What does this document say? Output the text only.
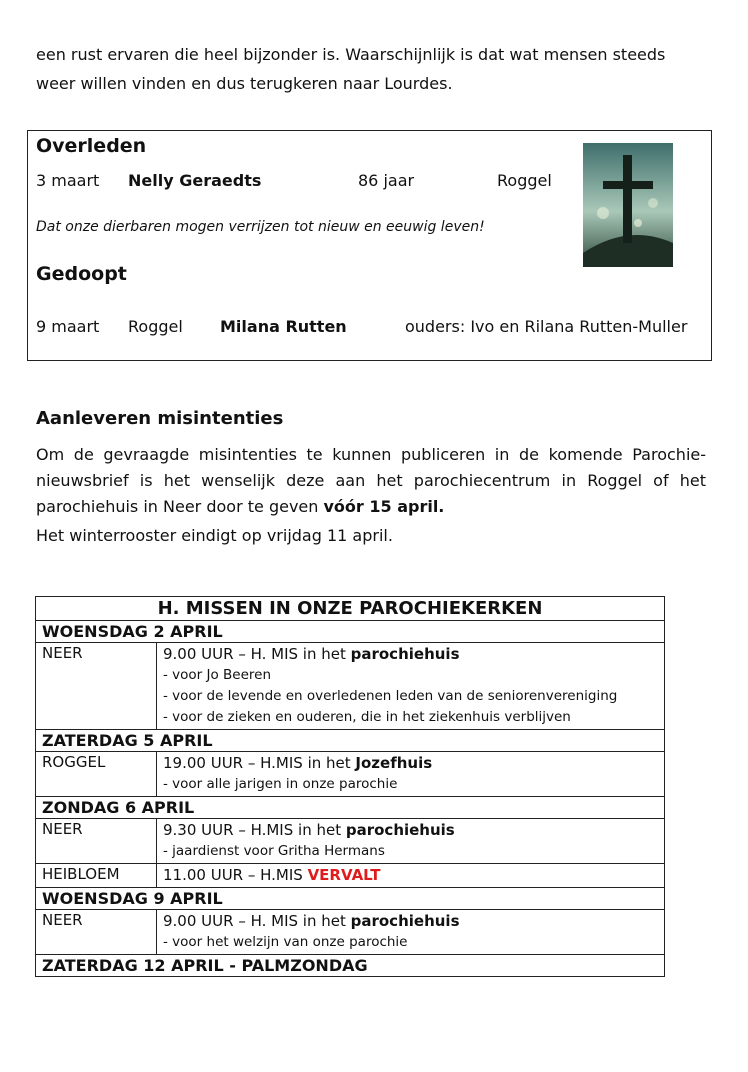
een rust ervaren die heel bijzonder is. Waarschijnlijk is dat wat mensen steeds

weer willen vinden en dus terugkeren naar Lourdes.

Overleden
3 maart Nelly Geraedts	86 jaar	Roggel
Dat onze dierbaren mogen verrijzen tot nieuw en eeuwig leven!
Gedoopt
9 maart Roggel Milana Rutten	ouders: Ivo en Rilana Rutten-Muller
Aanleveren misintenties

Om de gevraagde misintenties te kunnen publiceren in de komende Parochie-nieuwsbrief is het wenselijk deze aan het parochiecentrum in Roggel of het parochiehuis in Neer door te geven vóór 15 april.

Het winterrooster eindigt op vrijdag 11 april.

H. MISSEN IN ONZE PAROCHIEKERKEN	
WOENSDAG 2 APRIL	
NEER	9.00 UUR – H. MIS in het parochiehuis
- voor Jo Beeren
- voor de levende en overledenen leden van de seniorenvereniging
- voor de zieken en ouderen, die in het ziekenhuis verblijven

ZATERDAG 5 APRIL	
ROGGEL	19.00 UUR – H.MIS in het Jozefhuis
- voor alle jarigen in onze parochie

ZONDAG 6 APRIL	
NEER	9.30 UUR – H.MIS in het parochiehuis
- jaardienst voor Gritha Hermans

HEIBLOEM	11.00 UUR – H.MIS VERVALT

WOENSDAG 9 APRIL	
NEER	9.00 UUR – H. MIS in het parochiehuis
- voor het welzijn van onze parochie

ZATERDAG 12 APRIL - PALMZONDAG	
